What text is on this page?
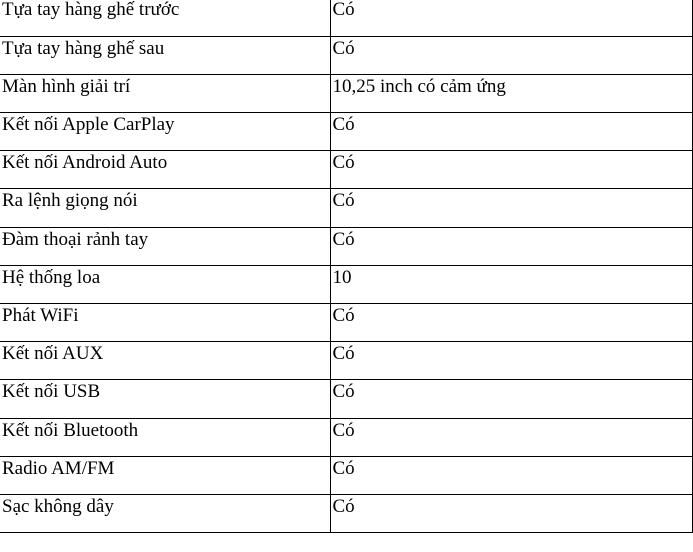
Tựa tay hàng ghế trước	Có
Tựa tay hàng ghế sau	Có
Màn hình giải trí	10,25 inch có cảm ứng
Kết nối Apple CarPlay	Có
Kết nối Android Auto	Có
Ra lệnh giọng nói	Có
Đàm thoại rảnh tay	Có
Hệ thống loa	10
Phát WiFi	Có
Kết nối AUX	Có
Kết nối USB	Có
Kết nối Bluetooth	Có
Radio AM/FM	Có
Sạc không dây	Có
